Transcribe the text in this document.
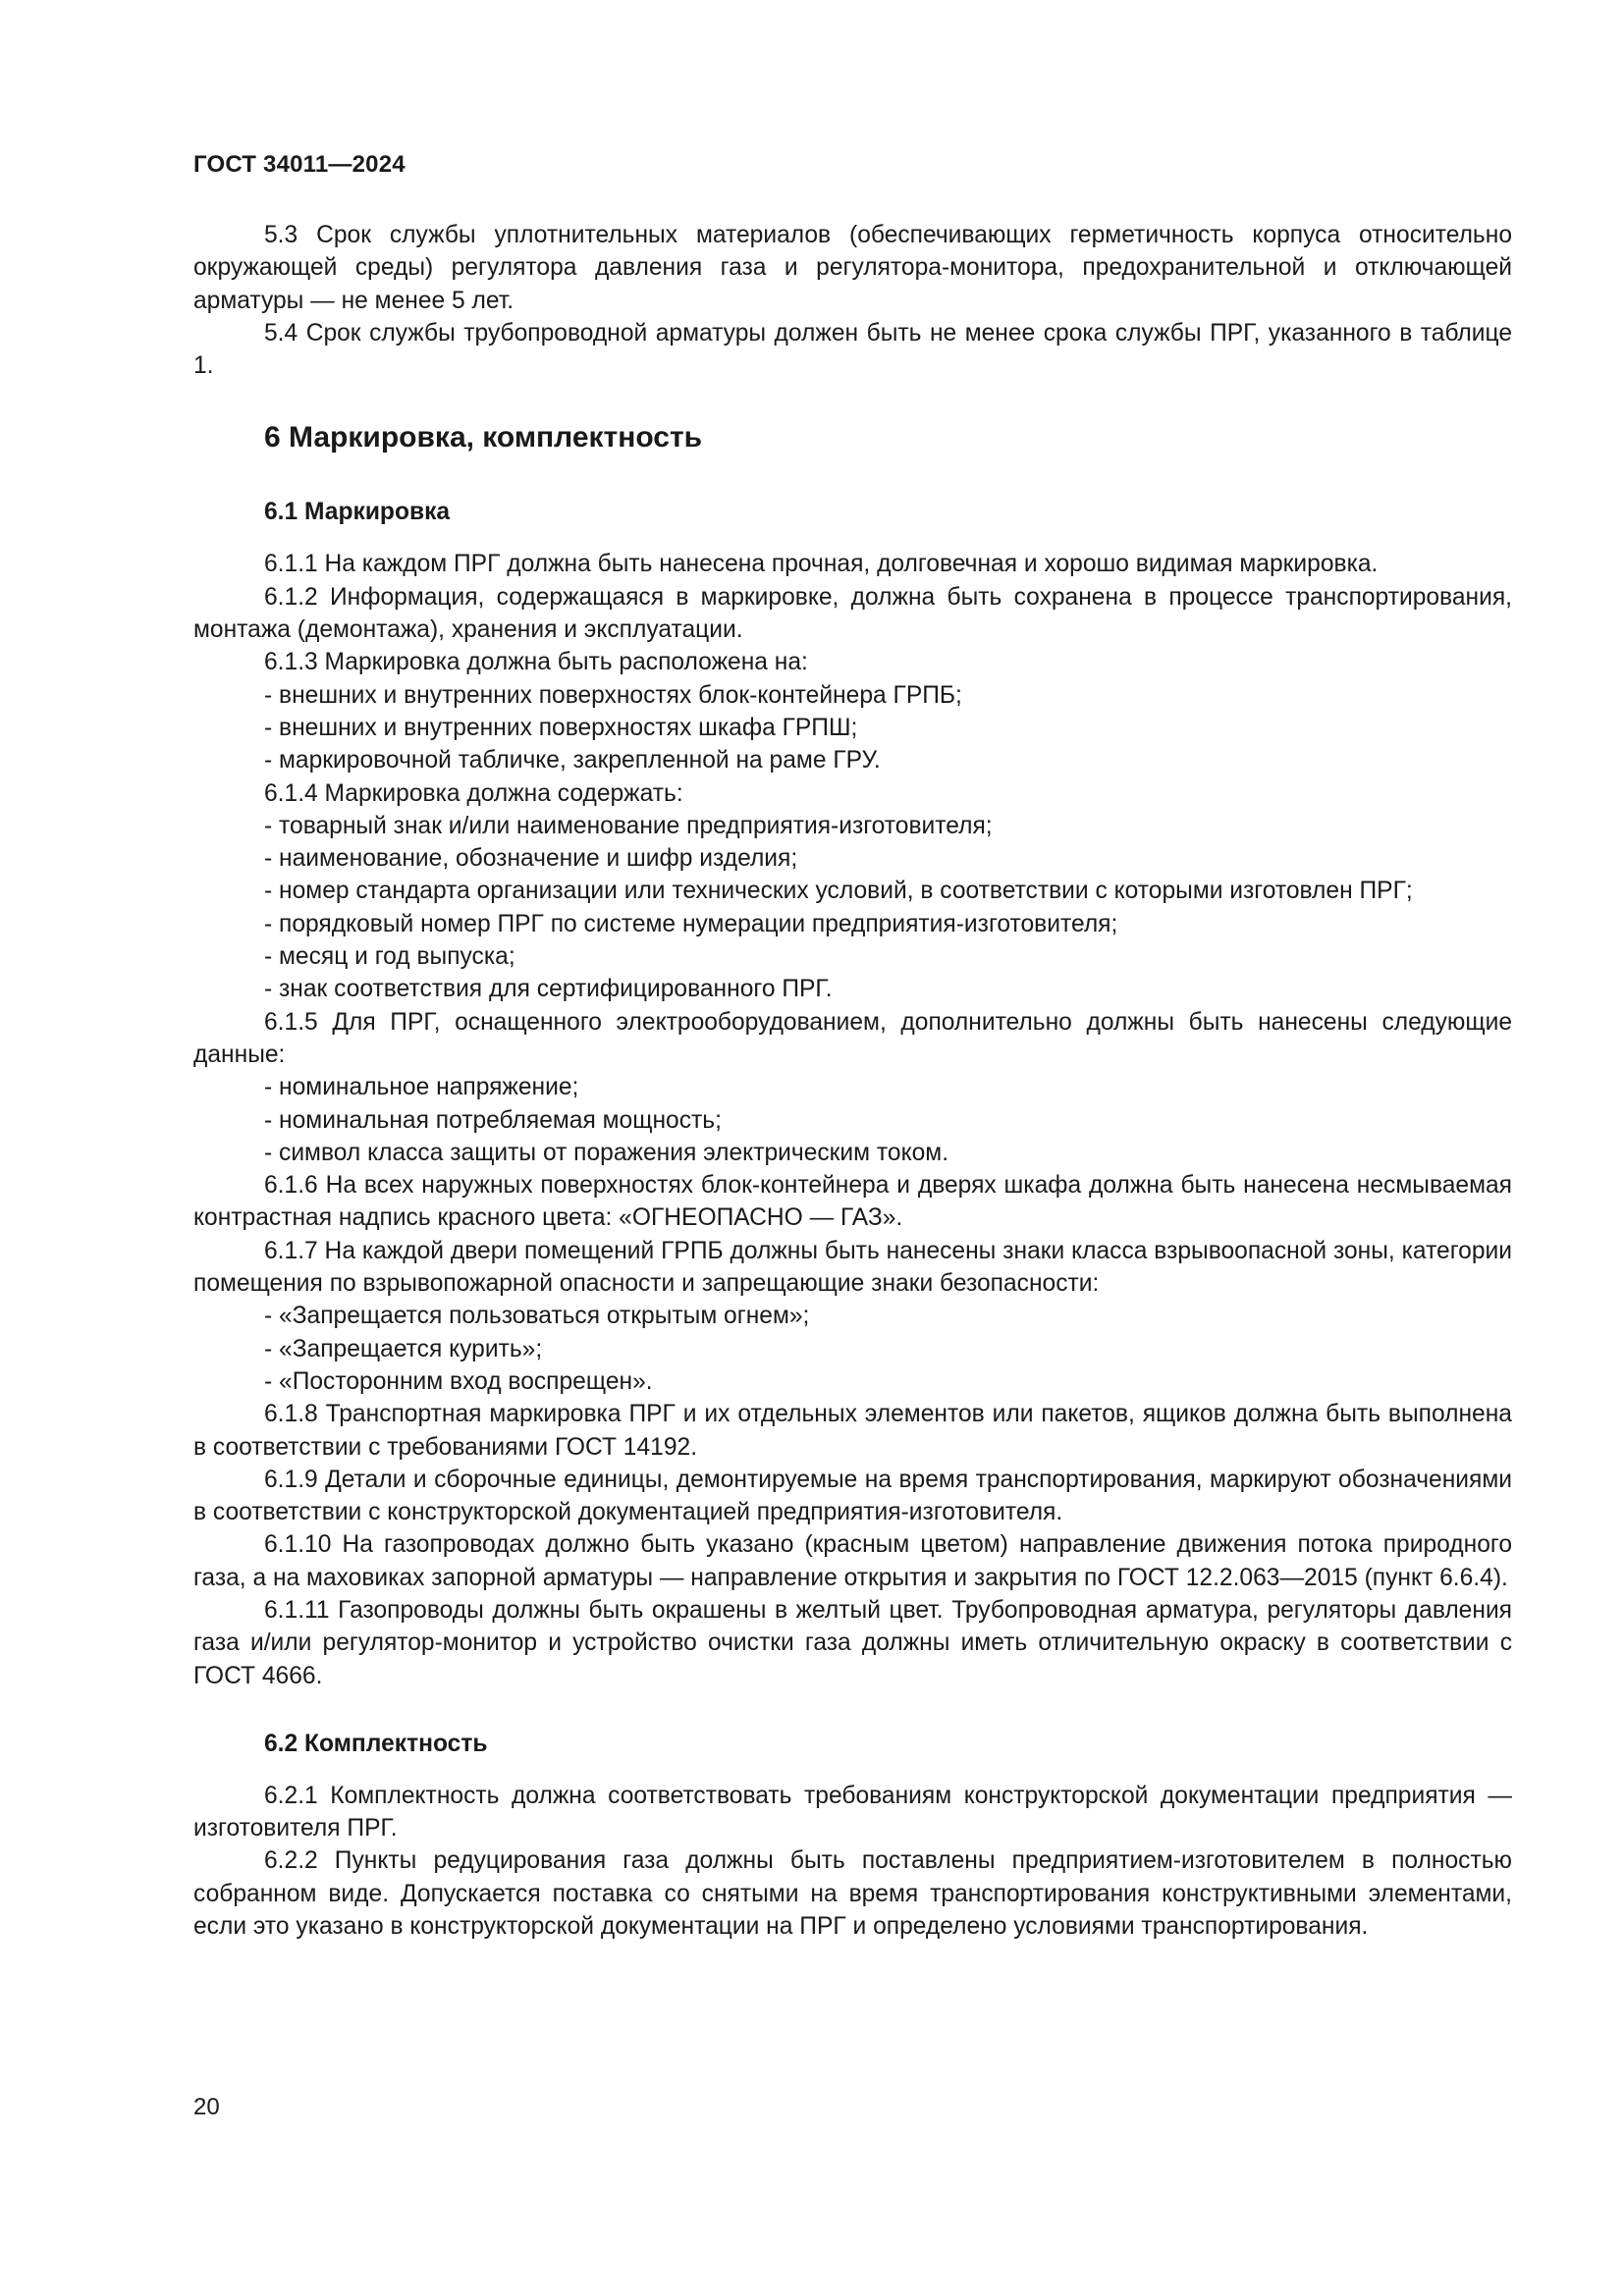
ГОСТ 34011—2024

5.3 Срок службы уплотнительных материалов (обеспечивающих герметичность корпуса относительно окружающей среды) регулятора давления газа и регулятора-монитора, предохранительной и отключающей арматуры — не менее 5 лет.

5.4 Срок службы трубопроводной арматуры должен быть не менее срока службы ПРГ, указанного в таблице 1.

6 Маркировка, комплектность
6.1 Маркировка

6.1.1 На каждом ПРГ должна быть нанесена прочная, долговечная и хорошо видимая маркировка.

6.1.2 Информация, содержащаяся в маркировке, должна быть сохранена в процессе транспортирования, монтажа (демонтажа), хранения и эксплуатации.

6.1.3 Маркировка должна быть расположена на:

- внешних и внутренних поверхностях блок-контейнера ГРПБ;

- внешних и внутренних поверхностях шкафа ГРПШ;

- маркировочной табличке, закрепленной на раме ГРУ.

6.1.4 Маркировка должна содержать:

- товарный знак и/или наименование предприятия-изготовителя;

- наименование, обозначение и шифр изделия;

- номер стандарта организации или технических условий, в соответствии с которыми изготовлен ПРГ;

- порядковый номер ПРГ по системе нумерации предприятия-изготовителя;

- месяц и год выпуска;

- знак соответствия для сертифицированного ПРГ.

6.1.5 Для ПРГ, оснащенного электрооборудованием, дополнительно должны быть нанесены следующие данные:

- номинальное напряжение;

- номинальная потребляемая мощность;

- символ класса защиты от поражения электрическим током.

6.1.6 На всех наружных поверхностях блок-контейнера и дверях шкафа должна быть нанесена несмываемая контрастная надпись красного цвета: «ОГНЕОПАСНО — ГАЗ».

6.1.7 На каждой двери помещений ГРПБ должны быть нанесены знаки класса взрывоопасной зоны, категории помещения по взрывопожарной опасности и запрещающие знаки безопасности:

- «Запрещается пользоваться открытым огнем»;

- «Запрещается курить»;

- «Посторонним вход воспрещен».

6.1.8 Транспортная маркировка ПРГ и их отдельных элементов или пакетов, ящиков должна быть выполнена в соответствии с требованиями ГОСТ 14192.

6.1.9 Детали и сборочные единицы, демонтируемые на время транспортирования, маркируют обозначениями в соответствии с конструкторской документацией предприятия-изготовителя.

6.1.10 На газопроводах должно быть указано (красным цветом) направление движения потока природного газа, а на маховиках запорной арматуры — направление открытия и закрытия по ГОСТ 12.2.063—2015 (пункт 6.6.4).

6.1.11 Газопроводы должны быть окрашены в желтый цвет. Трубопроводная арматура, регуляторы давления газа и/или регулятор-монитор и устройство очистки газа должны иметь отличительную окраску в соответствии с ГОСТ 4666.

6.2 Комплектность

6.2.1 Комплектность должна соответствовать требованиям конструкторской документации предприятия — изготовителя ПРГ.

6.2.2 Пункты редуцирования газа должны быть поставлены предприятием-изготовителем в полностью собранном виде. Допускается поставка со снятыми на время транспортирования конструктивными элементами, если это указано в конструкторской документации на ПРГ и определено условиями транспортирования.

20
